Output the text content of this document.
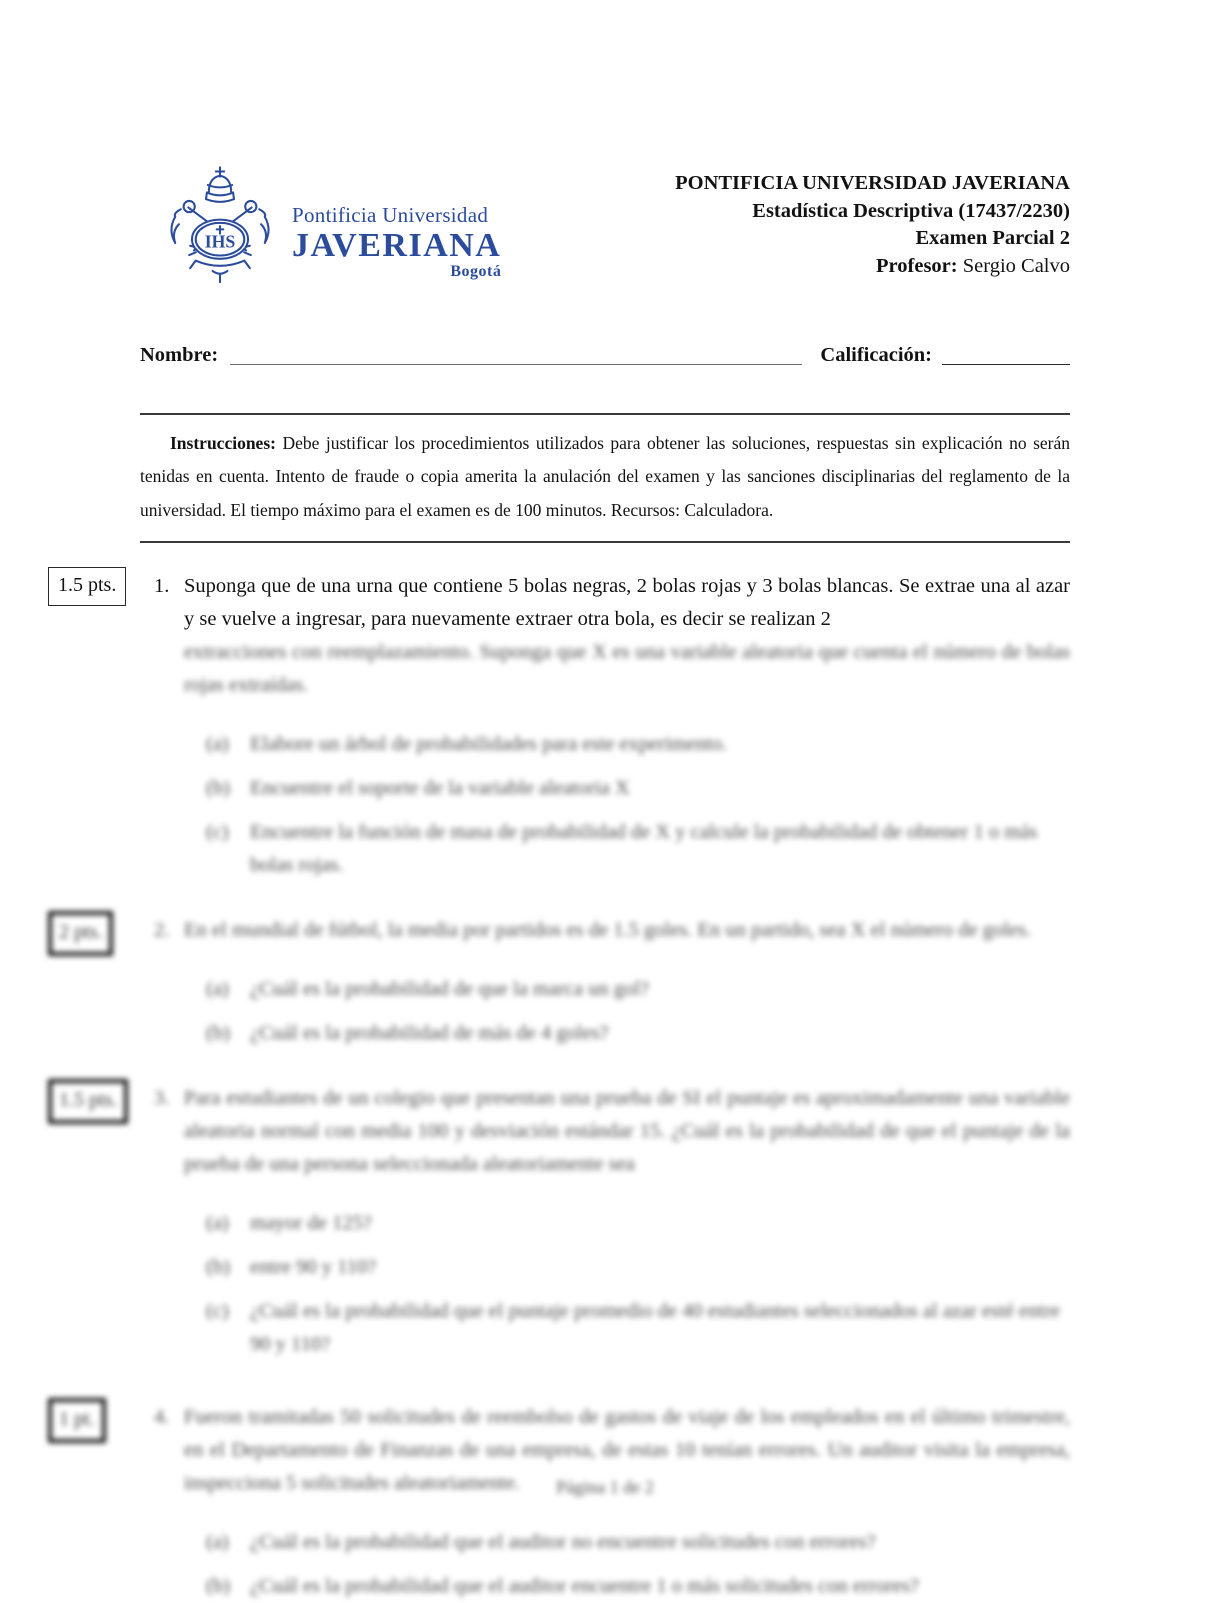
IHS
Pontificia Universidad
JAVERIANA
Bogotá
PONTIFICIA UNIVERSIDAD JAVERIANA
Estadística Descriptiva (17437/2230)
Examen Parcial 2
Profesor: Sergio Calvo
Nombre:	Calificación:

Instrucciones: Debe justificar los procedimientos utilizados para obtener las soluciones, respuestas sin explicación no serán tenidas en cuenta. Intento de fraude o copia amerita la anulación del examen y las sanciones disciplinarias del reglamento de la universidad. El tiempo máximo para el examen es de 100 minutos. Recursos: Calculadora.

1.5 pts.	1. Suponga que de una urna que contiene 5 bolas negras, 2 bolas rojas y 3 bolas blancas. Se extrae una al azar y se vuelve a ingresar, para nuevamente extraer otra bola, es decir se realizan 2
extracciones con reemplazamiento. Suponga que X es una variable aleatoria que cuenta el número de bolas rojas extraídas.
(a)	Elabore un árbol de probabilidades para este experimento.
(b) Encuentre el soporte de la variable aleatoria X
(c)	Encuentre la función de masa de probabilidad de X y calcule la probabilidad de obtener 1 o más bolas rojas.
2 pts.	2. En el mundial de fútbol, la media por partidos es de 1.5 goles. En un partido, sea X el número de goles.
(a)	¿Cuál es la probabilidad de que la marca un gol?
(b) ¿Cuál es la probabilidad de más de 4 goles?
1.5 pts.	3. Para estudiantes de un colegio que presentan una prueba de SI el puntaje es aproximadamente una variable aleatoria normal con media 100 y desviación estándar 15. ¿Cuál es la probabilidad de que el puntaje de la prueba de una persona seleccionada aleatoriamente sea
(a)	mayor de 125?
(b) entre 90 y 110?
(c)	¿Cuál es la probabilidad que el puntaje promedio de 40 estudiantes seleccionados al azar esté entre 90 y 110?
1 pt.	4. Fueron tramitadas 50 solicitudes de reembolso de gastos de viaje de los empleados en el último trimestre, en el Departamento de Finanzas de una empresa, de estas 10 tenían errores. Un auditor visita la empresa, inspecciona 5 solicitudes aleatoriamente.
(a)	¿Cuál es la probabilidad que el auditor no encuentre solicitudes con errores?
(b) ¿Cuál es la probabilidad que el auditor encuentre 1 o más solicitudes con errores?
Página 1 de 2
